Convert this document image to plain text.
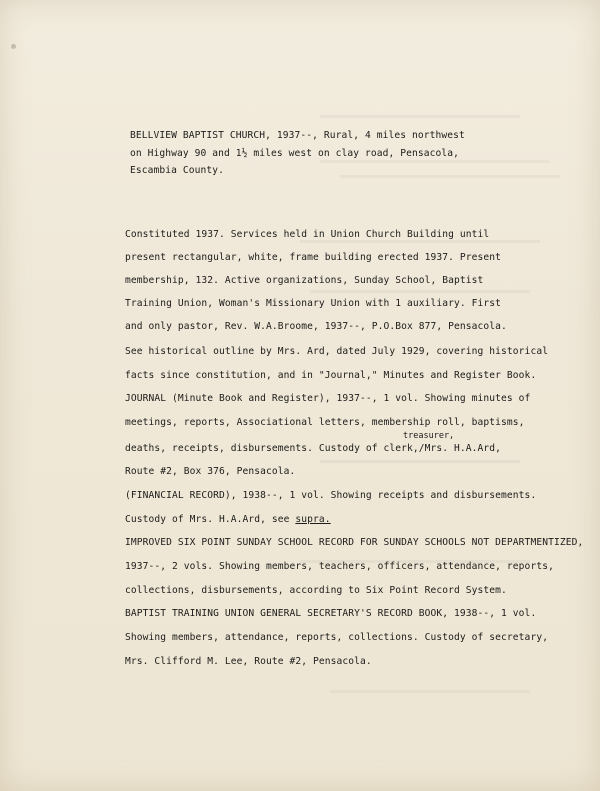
BELLVIEW BAPTIST CHURCH, 1937--, Rural, 4 miles northwest
on Highway 90 and 1½ miles west on clay road, Pensacola,
Escambia County.
Constituted 1937. Services held in Union Church Building until
present rectangular, white, frame building erected 1937. Present
membership, 132. Active organizations, Sunday School, Baptist
Training Union, Woman's Missionary Union with 1 auxiliary. First
and only pastor, Rev. W.A.Broome, 1937--, P.O.Box 877, Pensacola.
See historical outline by Mrs. Ard, dated July 1929, covering historical
facts since constitution, and in "Journal," Minutes and Register Book.
JOURNAL (Minute Book and Register), 1937--, 1 vol. Showing minutes of
meetings, reports, Associational letters, membership roll, baptisms,
treasurer,
deaths, receipts, disbursements. Custody of clerk,/Mrs. H.A.Ard,
Route #2, Box 376, Pensacola.
(FINANCIAL RECORD), 1938--, 1 vol. Showing receipts and disbursements.
Custody of Mrs. H.A.Ard, see supra.
IMPROVED SIX POINT SUNDAY SCHOOL RECORD FOR SUNDAY SCHOOLS NOT DEPARTMENTIZED,
1937--, 2 vols. Showing members, teachers, officers, attendance, reports,
collections, disbursements, according to Six Point Record System.
BAPTIST TRAINING UNION GENERAL SECRETARY'S RECORD BOOK, 1938--, 1 vol.
Showing members, attendance, reports, collections. Custody of secretary,
Mrs. Clifford M. Lee, Route #2, Pensacola.
